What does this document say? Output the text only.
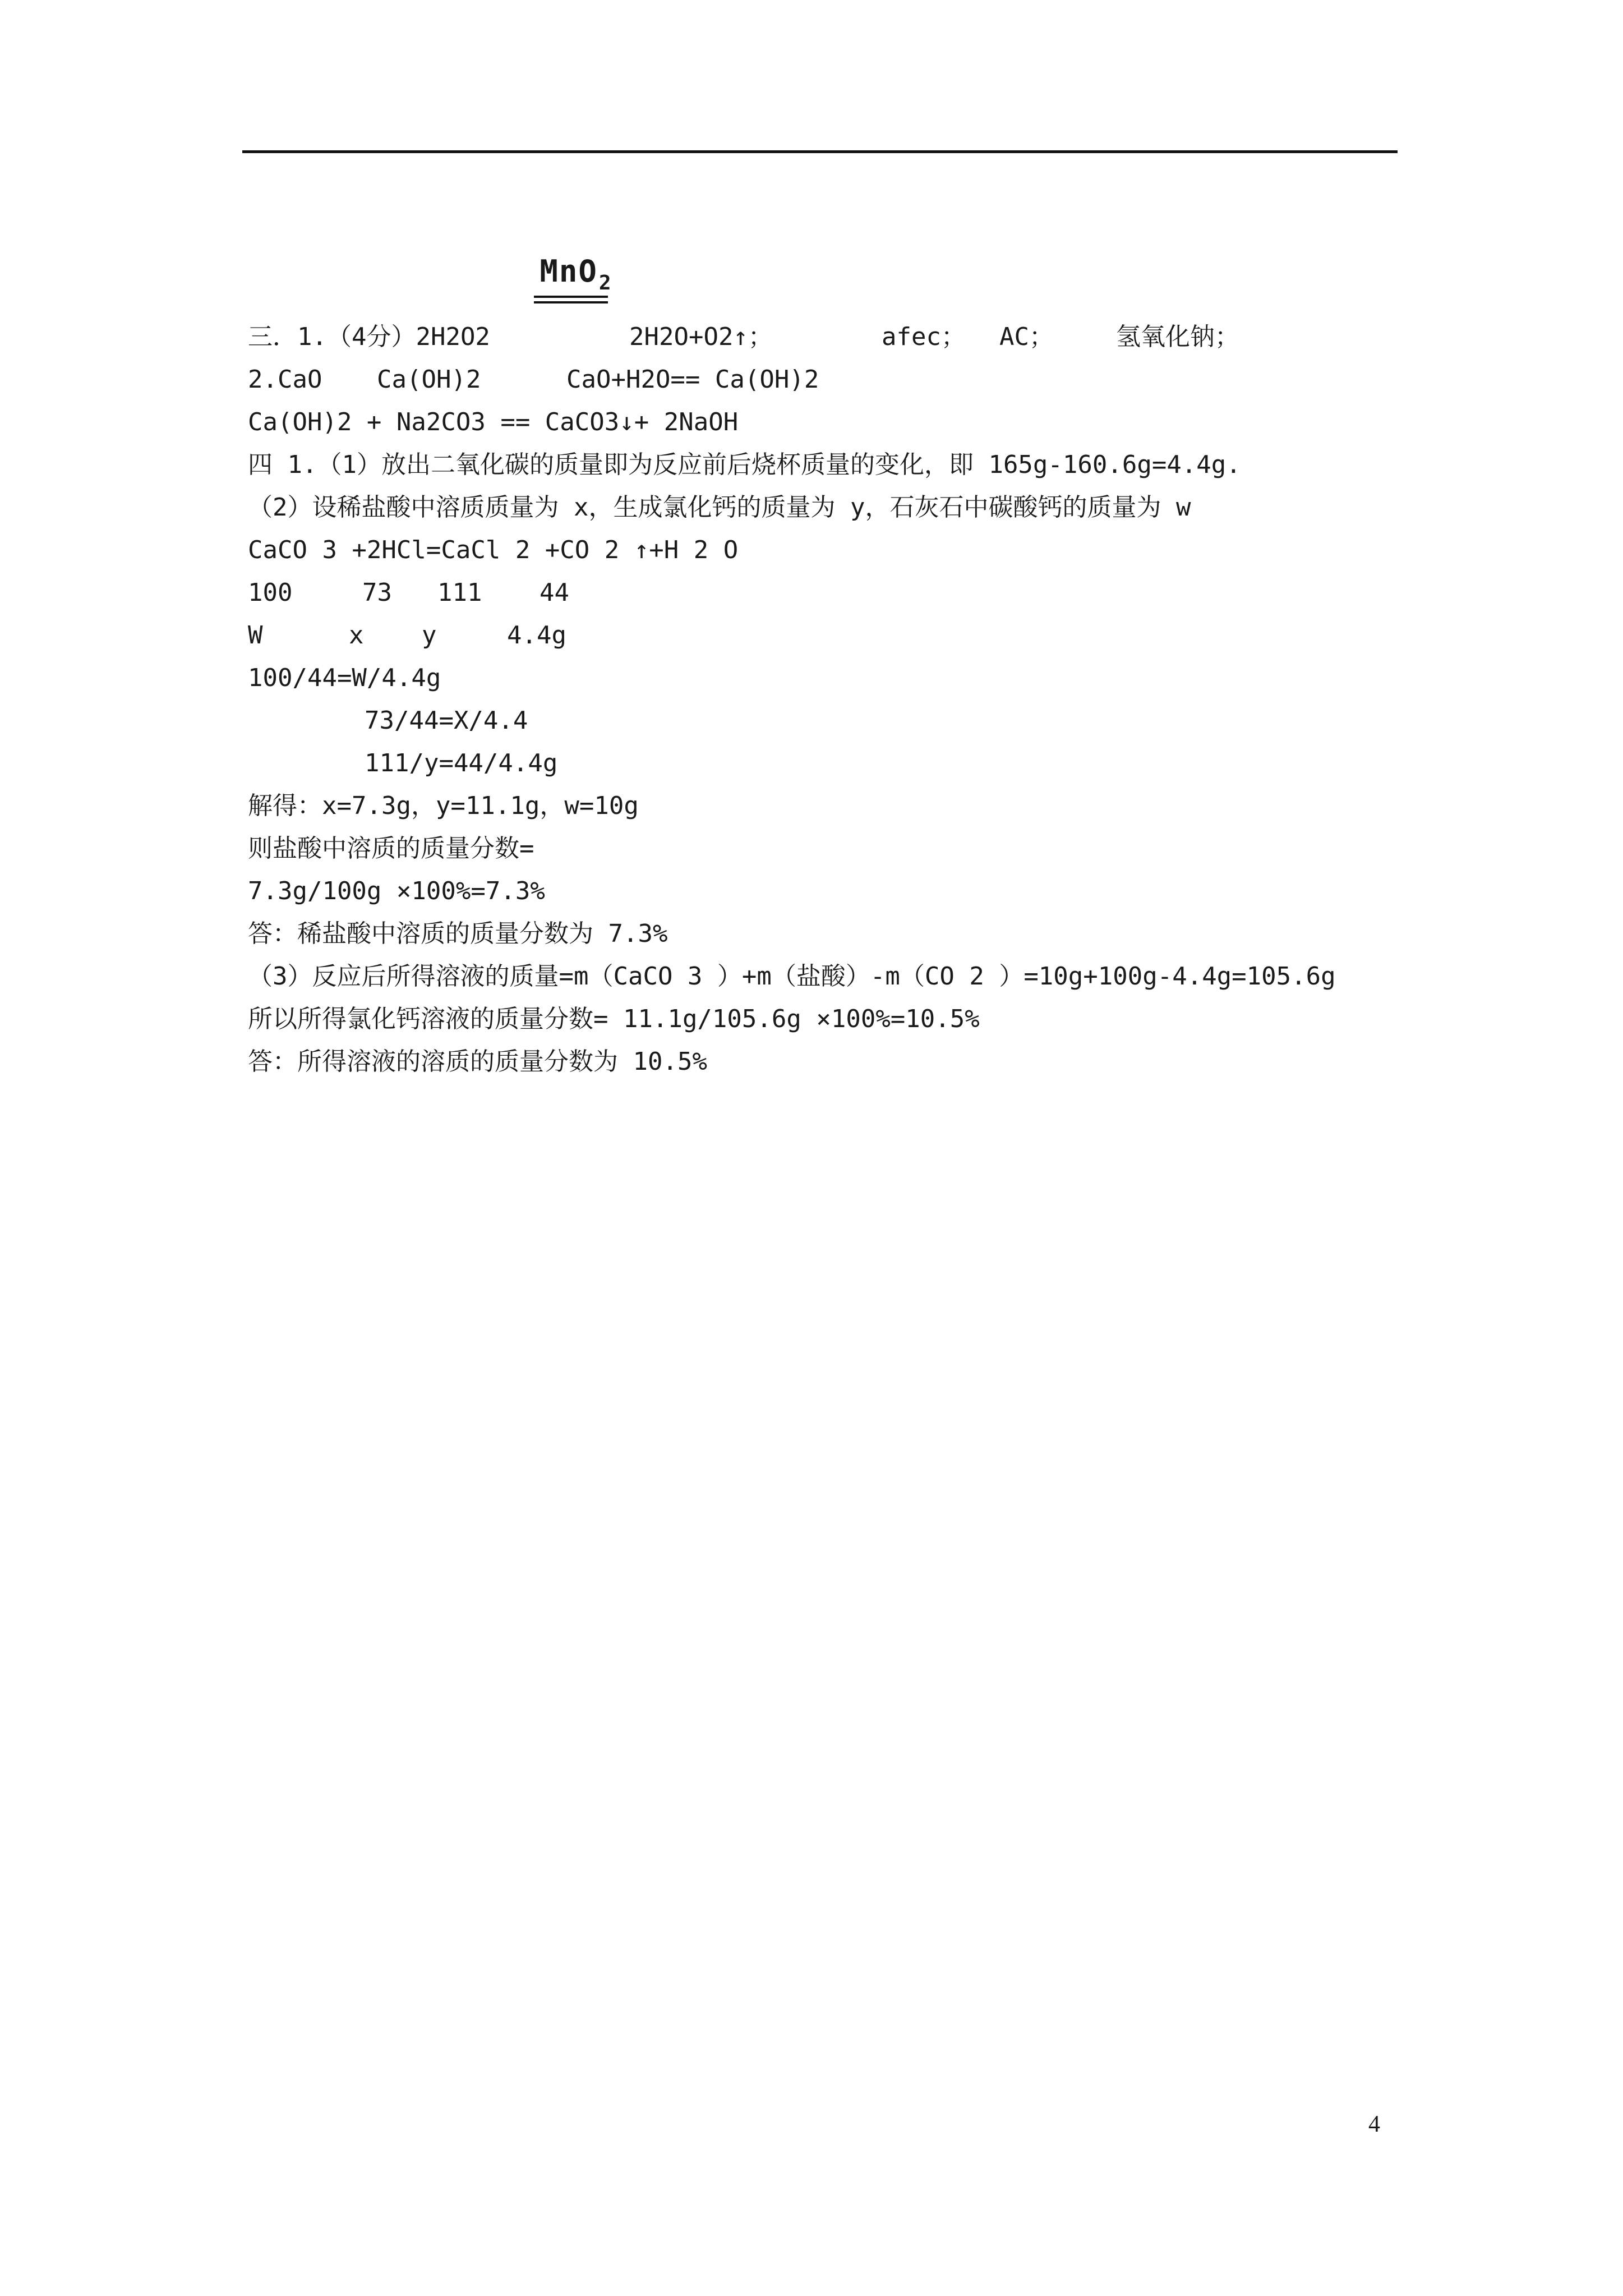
MnO$_2$

三．1.（4分）2H2O2

	2H2O+O2↑；

	afec；

AC；

	氢氧化钠；

2.CaO

Ca(OH)2

	CaO+H2O== Ca(OH)2

Ca(OH)2 + Na2CO3 == CaCO3↓+ 2NaOH
四 1.（1）放出二氧化碳的质量即为反应前后烧杯质量的变化，即 165g-160.6g=4.4g.
（2）设稀盐酸中溶质质量为 x，生成氯化钙的质量为 y，石灰石中碳酸钙的质量为 w
CaCO 3 +2HCl=CaCl 2 +CO 2 ↑+H 2 O

100

	73

111

44

W

	x

y

	4.4g

100/44=W/4.4g
73/44=X/4.4
111/y=44/4.4g
解得：x=7.3g，y=11.1g，w=10g
则盐酸中溶质的质量分数=
7.3g/100g ×100%=7.3%
答：稀盐酸中溶质的质量分数为 7.3%
（3）反应后所得溶液的质量=m（CaCO 3 ）+m（盐酸）-m（CO 2 ）=10g+100g-4.4g=105.6g
所以所得氯化钙溶液的质量分数= 11.1g/105.6g ×100%=10.5%
答：所得溶液的溶质的质量分数为 10.5%
4
